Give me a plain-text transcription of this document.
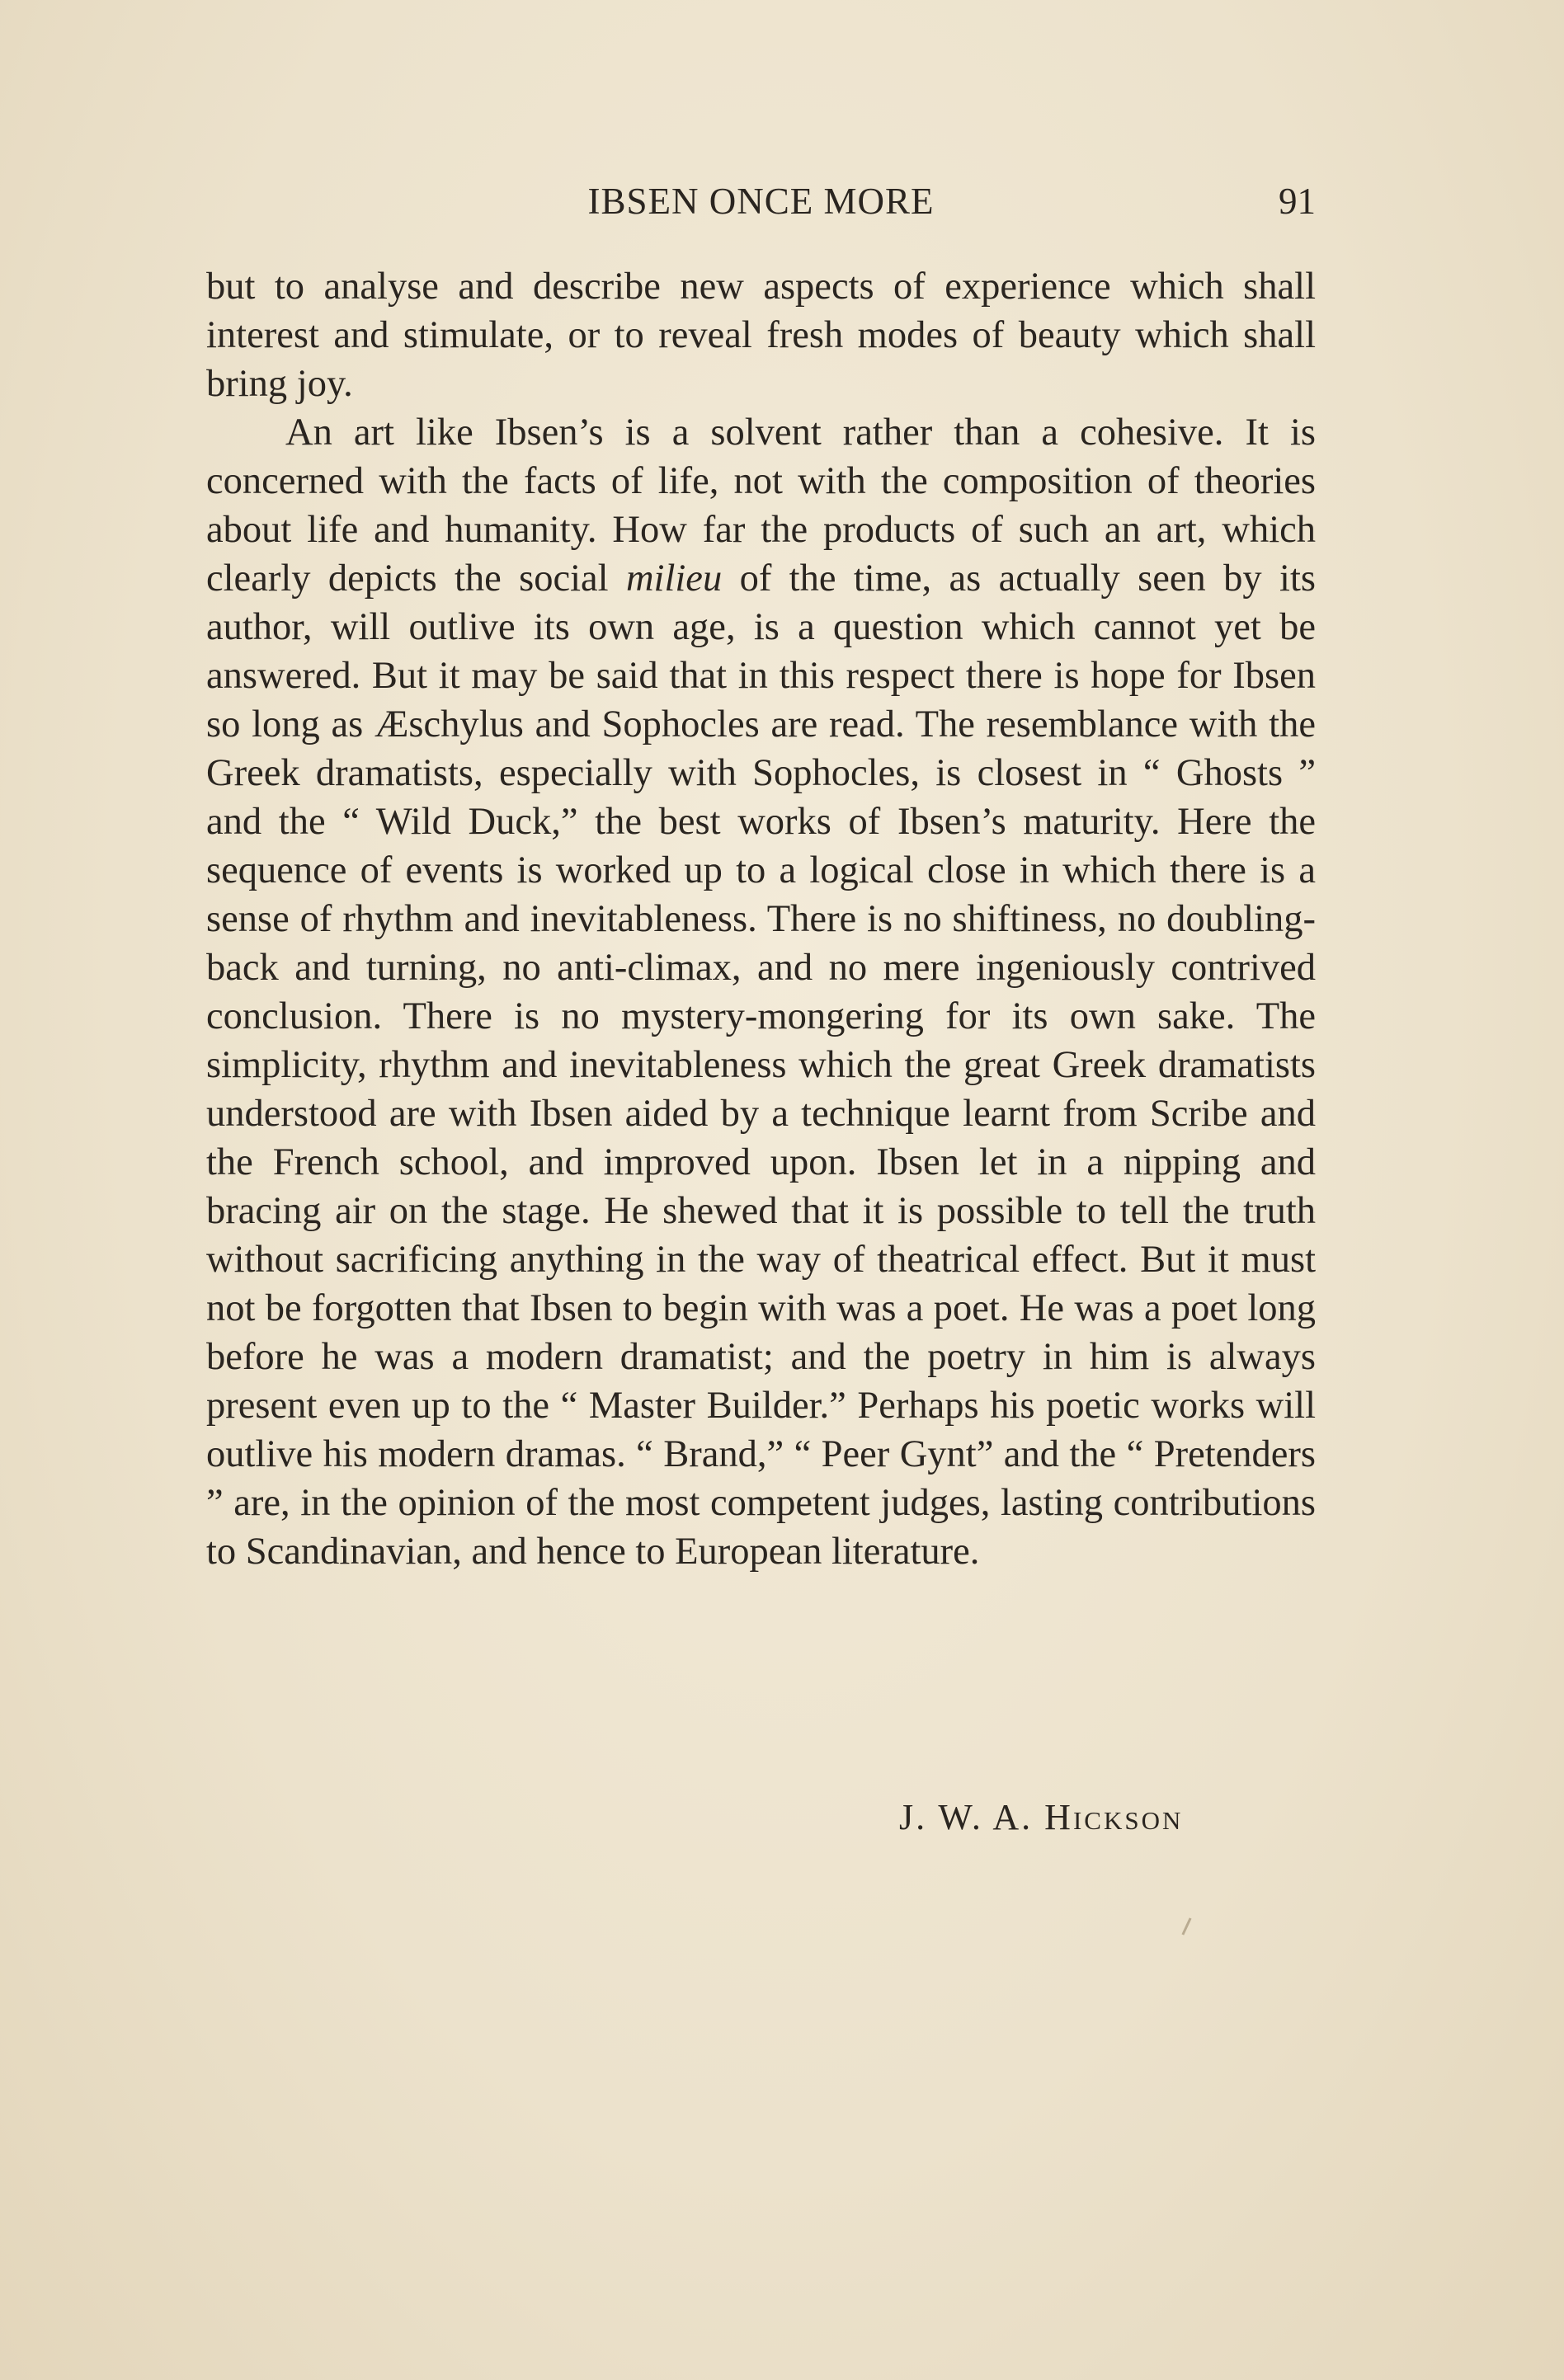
IBSEN ONCE MORE	91

but to analyse and describe new aspects of experience which shall interest and stimulate, or to reveal fresh modes of beauty which shall bring joy.

An art like Ibsen’s is a solvent rather than a cohesive. It is concerned with the facts of life, not with the composition of theories about life and humanity. How far the products of such an art, which clearly depicts the social milieu of the time, as actually seen by its author, will outlive its own age, is a question which cannot yet be answered. But it may be said that in this respect there is hope for Ibsen so long as Æschylus and Sophocles are read. The resemblance with the Greek dramatists, especially with Sophocles, is closest in “ Ghosts ” and the “ Wild Duck,” the best works of Ibsen’s maturity. Here the sequence of events is worked up to a logical close in which there is a sense of rhythm and inevitableness. There is no shiftiness, no doubling-back and turning, no anti-climax, and no mere ingeniously contrived conclusion. There is no mystery-mongering for its own sake. The simplicity, rhythm and inevitableness which the great Greek dramatists understood are with Ibsen aided by a technique learnt from Scribe and the French school, and improved upon. Ibsen let in a nipping and bracing air on the stage. He shewed that it is possible to tell the truth without sacrificing anything in the way of theatrical effect. But it must not be forgotten that Ibsen to begin with was a poet. He was a poet long before he was a modern dramatist; and the poetry in him is always present even up to the “ Master Builder.” Perhaps his poetic works will outlive his modern dramas. “ Brand,” “ Peer Gynt” and the “ Pretenders ” are, in the opinion of the most competent judges, lasting contributions to Scandinavian, and hence to European literature.

J. W. A. Hickson
